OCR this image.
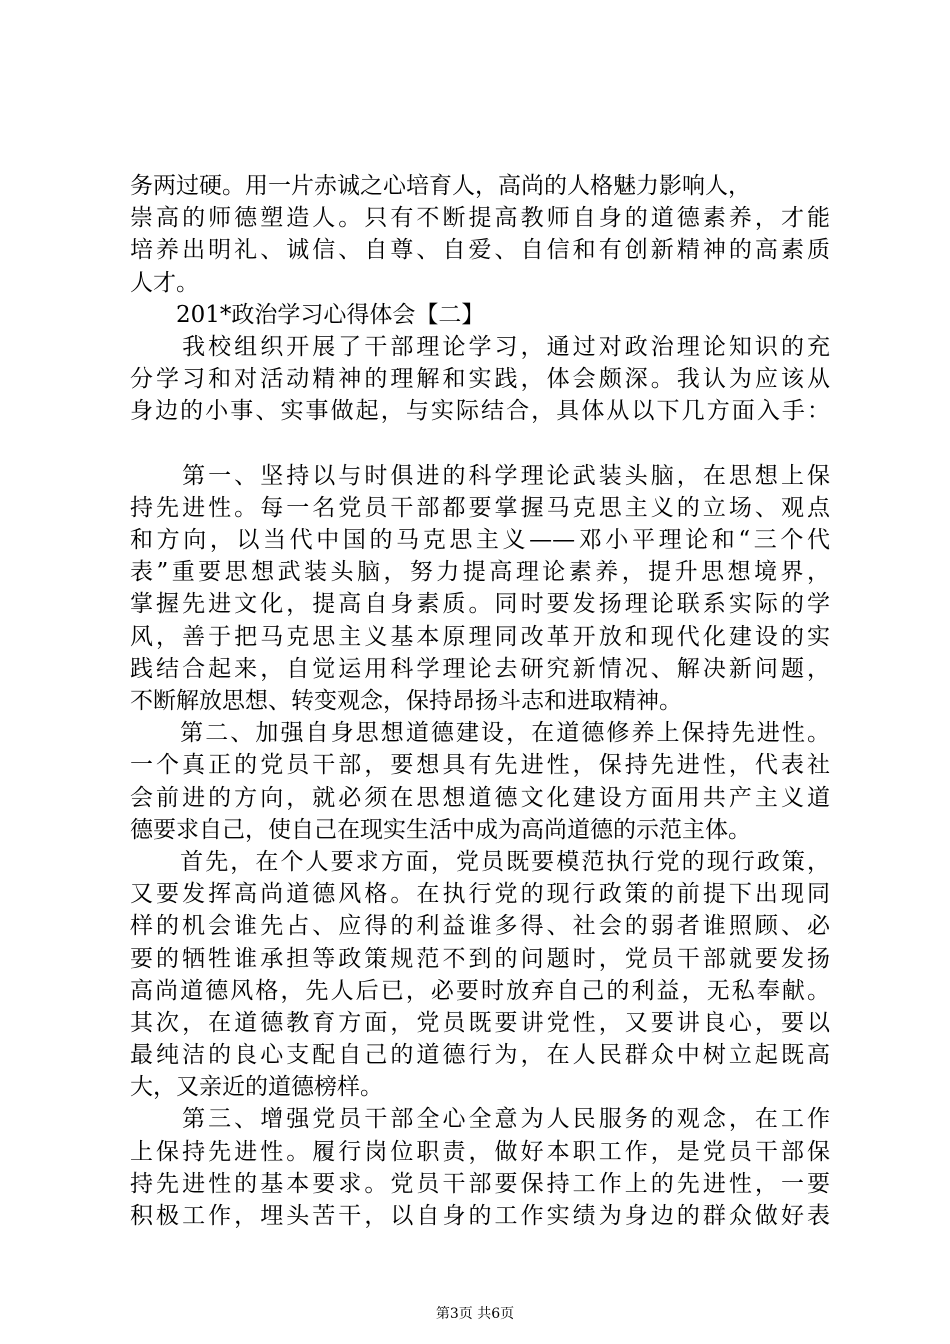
务两过硬。用一片赤诚之心培育人，高尚的人格魅力影响人，
崇高的师德塑造人。只有不断提高教师自身的道德素养，才能
培养出明礼、诚信、自尊、自爱、自信和有创新精神的高素质
人才。
　　201*政治学习心得体会【二】
　　我校组织开展了干部理论学习，通过对政治理论知识的充
分学习和对活动精神的理解和实践，体会颇深。我认为应该从
身边的小事、实事做起，与实际结合，具体从以下几方面入手：
　　第一、坚持以与时俱进的科学理论武装头脑，在思想上保
持先进性。每一名党员干部都要掌握马克思主义的立场、观点
和方向，以当代中国的马克思主义——邓小平理论和“三个代
表”重要思想武装头脑，努力提高理论素养，提升思想境界，
掌握先进文化，提高自身素质。同时要发扬理论联系实际的学
风，善于把马克思主义基本原理同改革开放和现代化建设的实
践结合起来，自觉运用科学理论去研究新情况、解决新问题，
不断解放思想、转变观念，保持昂扬斗志和进取精神。
　　第二、加强自身思想道德建设，在道德修养上保持先进性。
一个真正的党员干部，要想具有先进性，保持先进性，代表社
会前进的方向，就必须在思想道德文化建设方面用共产主义道
德要求自己，使自己在现实生活中成为高尚道德的示范主体。
　　首先，在个人要求方面，党员既要模范执行党的现行政策，
又要发挥高尚道德风格。在执行党的现行政策的前提下出现同
样的机会谁先占、应得的利益谁多得、社会的弱者谁照顾、必
要的牺牲谁承担等政策规范不到的问题时，党员干部就要发扬
高尚道德风格，先人后已，必要时放弃自己的利益，无私奉献。
其次，在道德教育方面，党员既要讲党性，又要讲良心，要以
最纯洁的良心支配自己的道德行为，在人民群众中树立起既高
大，又亲近的道德榜样。
　　第三、增强党员干部全心全意为人民服务的观念，在工作
上保持先进性。履行岗位职责，做好本职工作，是党员干部保
持先进性的基本要求。党员干部要保持工作上的先进性，一要
积极工作，埋头苦干，以自身的工作实绩为身边的群众做好表
第3页 共6页
